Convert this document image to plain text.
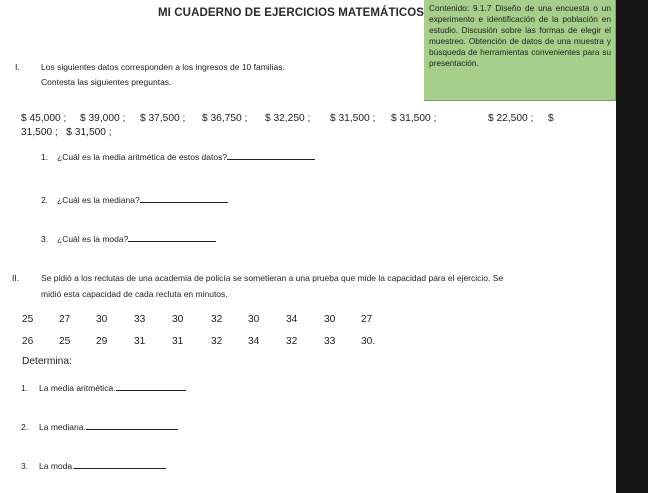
MI CUADERNO DE EJERCICIOS MATEMÁTICOS Contenido: 9.1.7 Diseño de una encuesta o un experimento e identificación de la población en estudio. Discusión sobre las formas de elegir el muestreo. Obtención de datos de una muestra y búsqueda de herramientas convenientes para su presentación.
I. Los siguientes datos corresponden a los ingresos de 10 familias.
Contesta las siguientes preguntas.
$ 45,000 ; $ 39,000 ; $ 37,500 ; $ 36,750 ; $ 32,250 ; $ 31,500 ; $ 31,500 ;	$ 22,500 ; $
31,500 ;   $ 31,500 ;
1. ¿Cuál es la media aritmética de estos datos?
2. ¿Cuál es la mediana?
3. ¿Cuál es la moda?
II.	Se pidió a los reclutas de una academia de policía se sometieran a una prueba que mide la capacidad para el ejercicio. Se
midió esta capacidad de cada recluta en minutos.
25	27	30	33	30	32	30	34	30	27
26	25	29	31	31	32	34	32	33	30.
Determina:
1. La media aritmética.
2. La mediana.
3. La moda.
